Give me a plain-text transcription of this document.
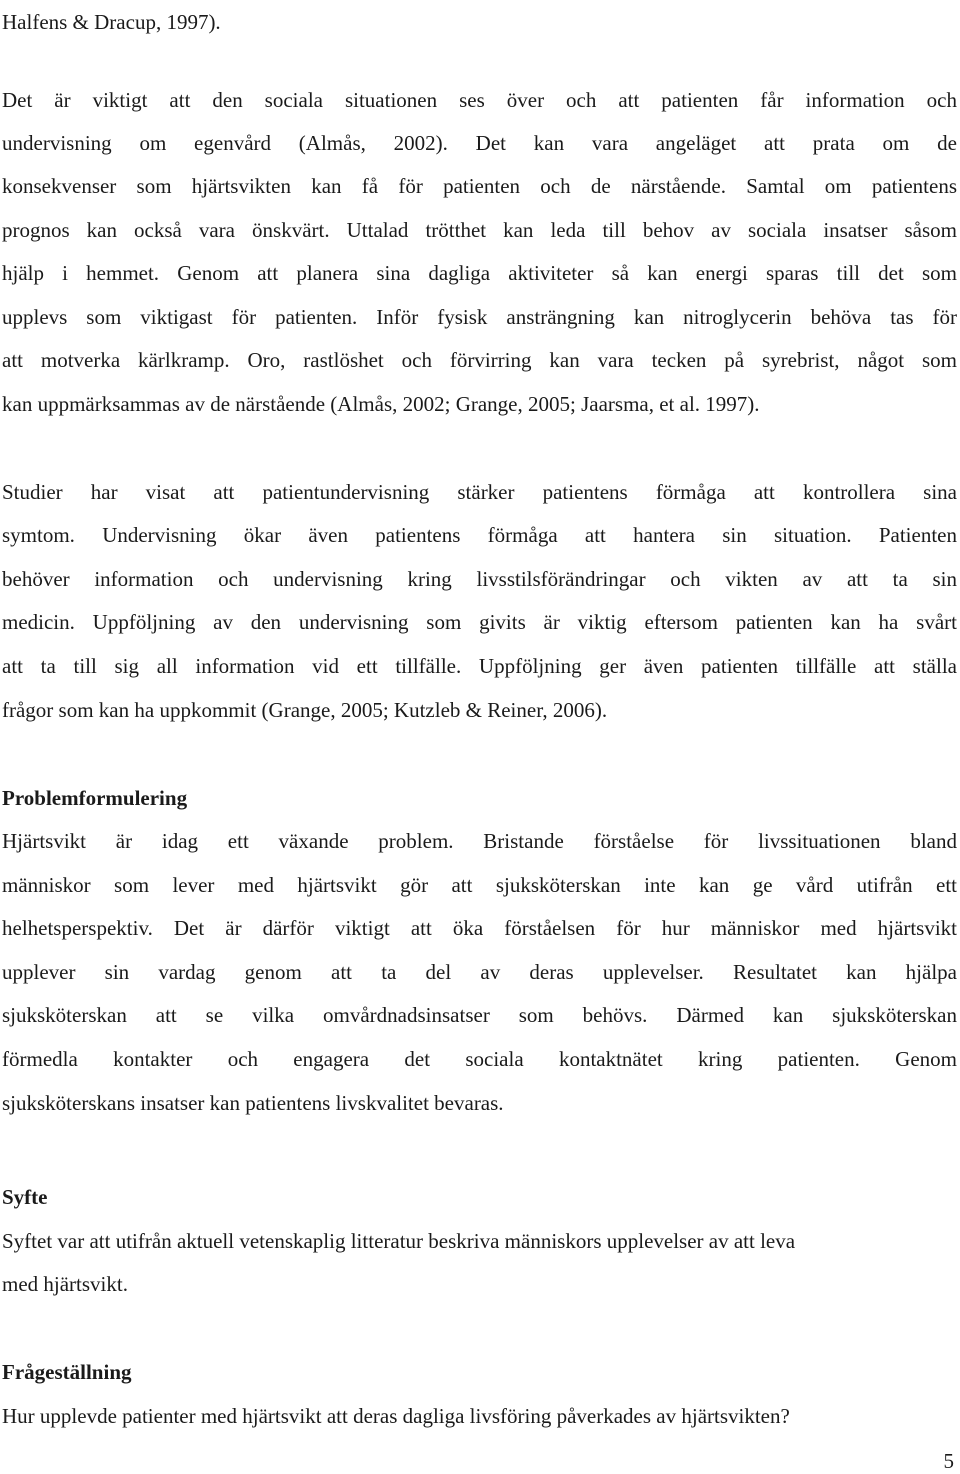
Halfens & Dracup, 1997).
Det är viktigt att den sociala situationen ses över och att patienten får information och
undervisning om egenvård (Almås, 2002). Det kan vara angeläget att prata om de
konsekvenser som hjärtsvikten kan få för patienten och de närstående. Samtal om patientens
prognos kan också vara önskvärt. Uttalad trötthet kan leda till behov av sociala insatser såsom
hjälp i hemmet. Genom att planera sina dagliga aktiviteter så kan energi sparas till det som
upplevs som viktigast för patienten. Inför fysisk ansträngning kan nitroglycerin behöva tas för
att motverka kärlkramp. Oro, rastlöshet och förvirring kan vara tecken på syrebrist, något som
kan uppmärksammas av de närstående (Almås, 2002; Grange, 2005; Jaarsma, et al. 1997).
Studier har visat att patientundervisning stärker patientens förmåga att kontrollera sina
symtom. Undervisning ökar även patientens förmåga att hantera sin situation. Patienten
behöver information och undervisning kring livsstilsförändringar och vikten av att ta sin
medicin. Uppföljning av den undervisning som givits är viktig eftersom patienten kan ha svårt
att ta till sig all information vid ett tillfälle. Uppföljning ger även patienten tillfälle att ställa
frågor som kan ha uppkommit (Grange, 2005; Kutzleb & Reiner, 2006).
Problemformulering
Hjärtsvikt är idag ett växande problem. Bristande förståelse för livssituationen bland
människor som lever med hjärtsvikt gör att sjuksköterskan inte kan ge vård utifrån ett
helhetsperspektiv. Det är därför viktigt att öka förståelsen för hur människor med hjärtsvikt
upplever sin vardag genom att ta del av deras upplevelser. Resultatet kan hjälpa
sjuksköterskan att se vilka omvårdnadsinsatser som behövs. Därmed kan sjuksköterskan
förmedla kontakter och engagera det sociala kontaktnätet kring patienten. Genom
sjuksköterskans insatser kan patientens livskvalitet bevaras.
Syfte
Syftet var att utifrån aktuell vetenskaplig litteratur beskriva människors upplevelser av att leva
med hjärtsvikt.
Frågeställning
Hur upplevde patienter med hjärtsvikt att deras dagliga livsföring påverkades av hjärtsvikten?
5
